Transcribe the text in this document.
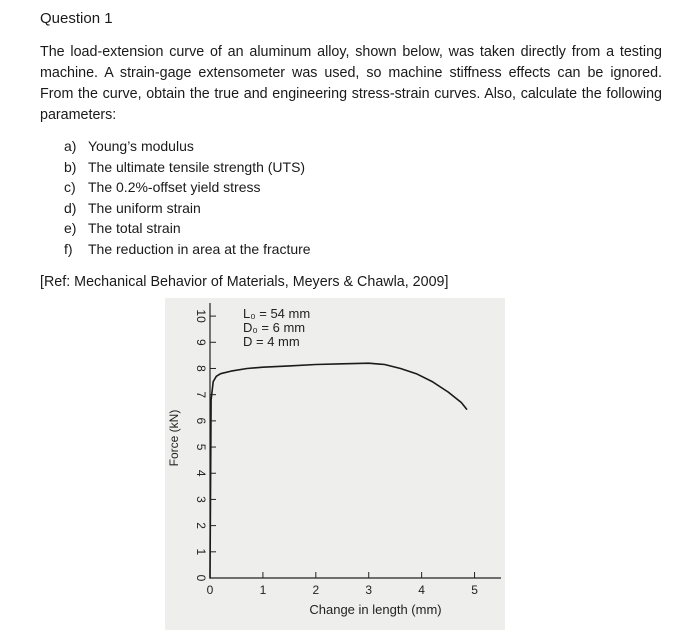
Question 1
The load-extension curve of an aluminum alloy, shown below, was taken directly from a testing machine. A strain-gage extensometer was used, so machine stiffness effects can be ignored. From the curve, obtain the true and engineering stress-strain curves. Also, calculate the following parameters:
a) Young’s modulus
b) The ultimate tensile strength (UTS)
c) The 0.2%-offset yield stress
d) The uniform strain
e) The total strain
f) The reduction in area at the fracture
[Ref: Mechanical Behavior of Materials, Meyers & Chawla, 2009]
0
1
2
3
4
5
6
7
8
9
10
0	1	2	3	4	5
Change in length (mm)
Force (kN)
L₀ = 54 mm
D₀ = 6 mm
D = 4 mm
